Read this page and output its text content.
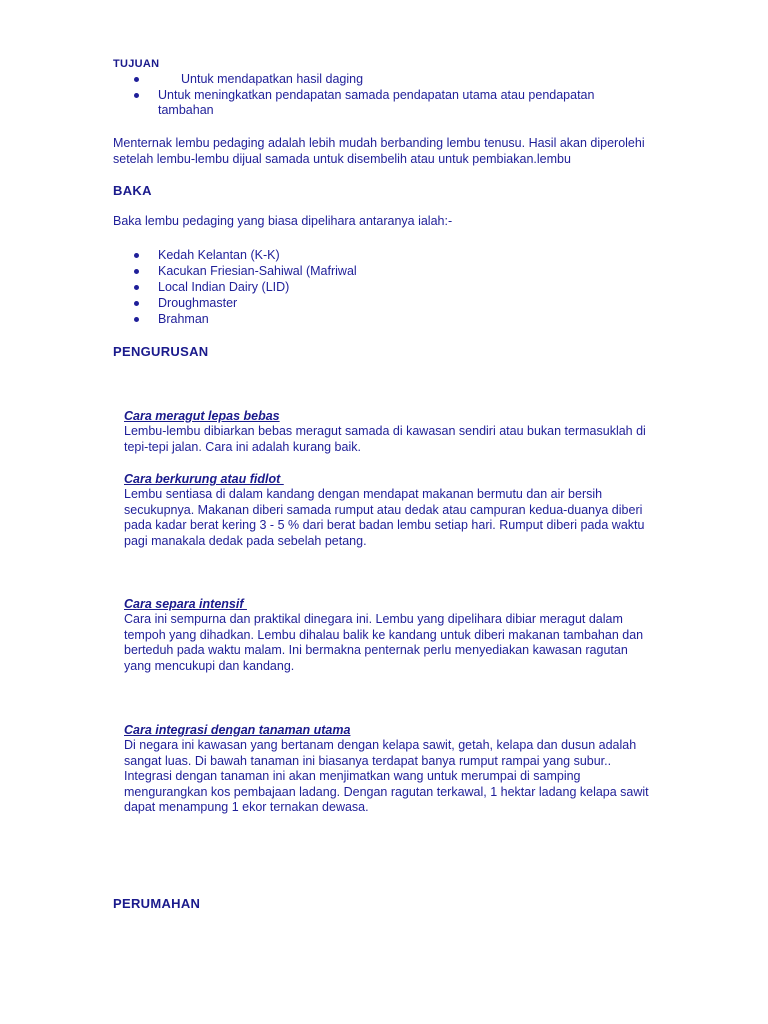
TUJUAN
Untuk mendapatkan hasil daging
Untuk meningkatkan pendapatan samada pendapatan utama atau pendapatan
tambahan
Menternak lembu pedaging adalah lebih mudah berbanding lembu tenusu. Hasil akan diperolehi
setelah lembu-lembu dijual samada untuk disembelih atau untuk pembiakan.lembu
BAKA
Baka lembu pedaging yang biasa dipelihara antaranya ialah:-
Kedah Kelantan (K-K)
Kacukan Friesian-Sahiwal (Mafriwal
Local Indian Dairy (LID)
Droughmaster
Brahman
PENGURUSAN
Cara meragut lepas bebas
Lembu-lembu dibiarkan bebas meragut samada di kawasan sendiri atau bukan termasuklah di
tepi-tepi jalan. Cara ini adalah kurang baik.
Cara berkurung atau fidlot
Lembu sentiasa di dalam kandang dengan mendapat makanan bermutu dan air bersih
secukupnya. Makanan diberi samada rumput atau dedak atau campuran kedua-duanya diberi
pada kadar berat kering 3 - 5 % dari berat badan lembu setiap hari. Rumput diberi pada waktu
pagi manakala dedak pada sebelah petang.
Cara separa intensif
Cara ini sempurna dan praktikal dinegara ini. Lembu yang dipelihara dibiar meragut dalam
tempoh yang dihadkan. Lembu dihalau balik ke kandang untuk diberi makanan tambahan dan
berteduh pada waktu malam. Ini bermakna penternak perlu menyediakan kawasan ragutan
yang mencukupi dan kandang.
Cara integrasi dengan tanaman utama
Di negara ini kawasan yang bertanam dengan kelapa sawit, getah, kelapa dan dusun adalah
sangat luas. Di bawah tanaman ini biasanya terdapat banya rumput rampai yang subur..
Integrasi dengan tanaman ini akan menjimatkan wang untuk merumpai di samping
mengurangkan kos pembajaan ladang. Dengan ragutan terkawal, 1 hektar ladang kelapa sawit
dapat menampung 1 ekor ternakan dewasa.
PERUMAHAN
